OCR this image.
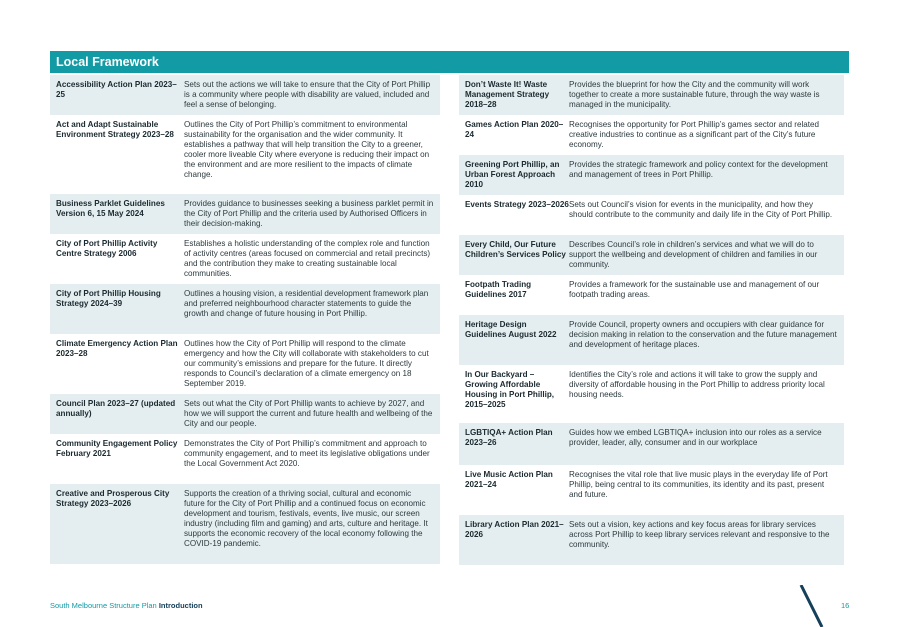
Local Framework
Accessibility Action Plan 2023–25
Sets out the actions we will take to ensure that the City of Port Phillip is a community where people with disability are valued, included and feel a sense of belonging.
Act and Adapt Sustainable Environment Strategy 2023–28
Outlines the City of Port Phillip’s commitment to environmental sustainability for the organisation and the wider community. It establishes a pathway that will help transition the City to a greener, cooler more liveable City where everyone is reducing their impact on the environment and are more resilient to the impacts of climate change.
Business Parklet Guidelines Version 6, 15 May 2024
Provides guidance to businesses seeking a business parklet permit in the City of Port Phillip and the criteria used by Authorised Officers in their decision-making.
City of Port Phillip Activity Centre Strategy 2006
Establishes a holistic understanding of the complex role and function of activity centres (areas focused on commercial and retail precincts) and the contribution they make to creating sustainable local communities.
City of Port Phillip Housing Strategy 2024–39
Outlines a housing vision, a residential development framework plan and preferred neighbourhood character statements to guide the growth and change of future housing in Port Phillip.
Climate Emergency Action Plan 2023–28
Outlines how the City of Port Phillip will respond to the climate emergency and how the City will collaborate with stakeholders to cut our community’s emissions and prepare for the future. It directly responds to Council’s declaration of a climate emergency on 18 September 2019.
Council Plan 2023–27 (updated annually)
Sets out what the City of Port Phillip wants to achieve by 2027, and how we will support the current and future health and wellbeing of the City and our people.
Community Engagement Policy February 2021
Demonstrates the City of Port Phillip’s commitment and approach to community engagement, and to meet its legislative obligations under the Local Government Act 2020.
Creative and Prosperous City Strategy 2023–2026
Supports the creation of a thriving social, cultural and economic future for the City of Port Phillip and a continued focus on economic development and tourism, festivals, events, live music, our screen industry (including film and gaming) and arts, culture and heritage. It supports the economic recovery of the local economy following the COVID-19 pandemic.
Don’t Waste It! Waste Management Strategy 2018–28
Provides the blueprint for how the City and the community will work together to create a more sustainable future, through the way waste is managed in the municipality.
Games Action Plan 2020–24
Recognises the opportunity for Port Phillip’s games sector and related creative industries to continue as a significant part of the City’s future economy.
Greening Port Phillip, an Urban Forest Approach 2010
Provides the strategic framework and policy context for the development and management of trees in Port Phillip.
Events Strategy 2023–2026 Sets out Council’s vision for events in the municipality, and how they should contribute to the community and daily life in the City of Port Phillip.
Every Child, Our Future Children’s Services Policy
Describes Council’s role in children’s services and what we will do to support the wellbeing and development of children and families in our community.
Footpath Trading Guidelines 2017
Provides a framework for the sustainable use and management of our footpath trading areas.
Heritage Design Guidelines August 2022
Provide Council, property owners and occupiers with clear guidance for decision making in relation to the conservation and the future management and development of heritage places.
In Our Backyard – Growing Affordable Housing in Port Phillip, 2015–2025
Identifies the City’s role and actions it will take to grow the supply and diversity of affordable housing in the Port Phillip to address priority local housing needs.
LGBTIQA+ Action Plan 2023–26
Guides how we embed LGBTIQA+ inclusion into our roles as a service provider, leader, ally, consumer and in our workplace
Live Music Action Plan 2021–24
Recognises the vital role that live music plays in the everyday life of Port Phillip, being central to its communities, its identity and its past, present and future.
Library Action Plan 2021–2026
Sets out a vision, key actions and key focus areas for library services across Port Phillip to keep library services relevant and responsive to the community.
South Melbourne Structure Plan Introduction	16
